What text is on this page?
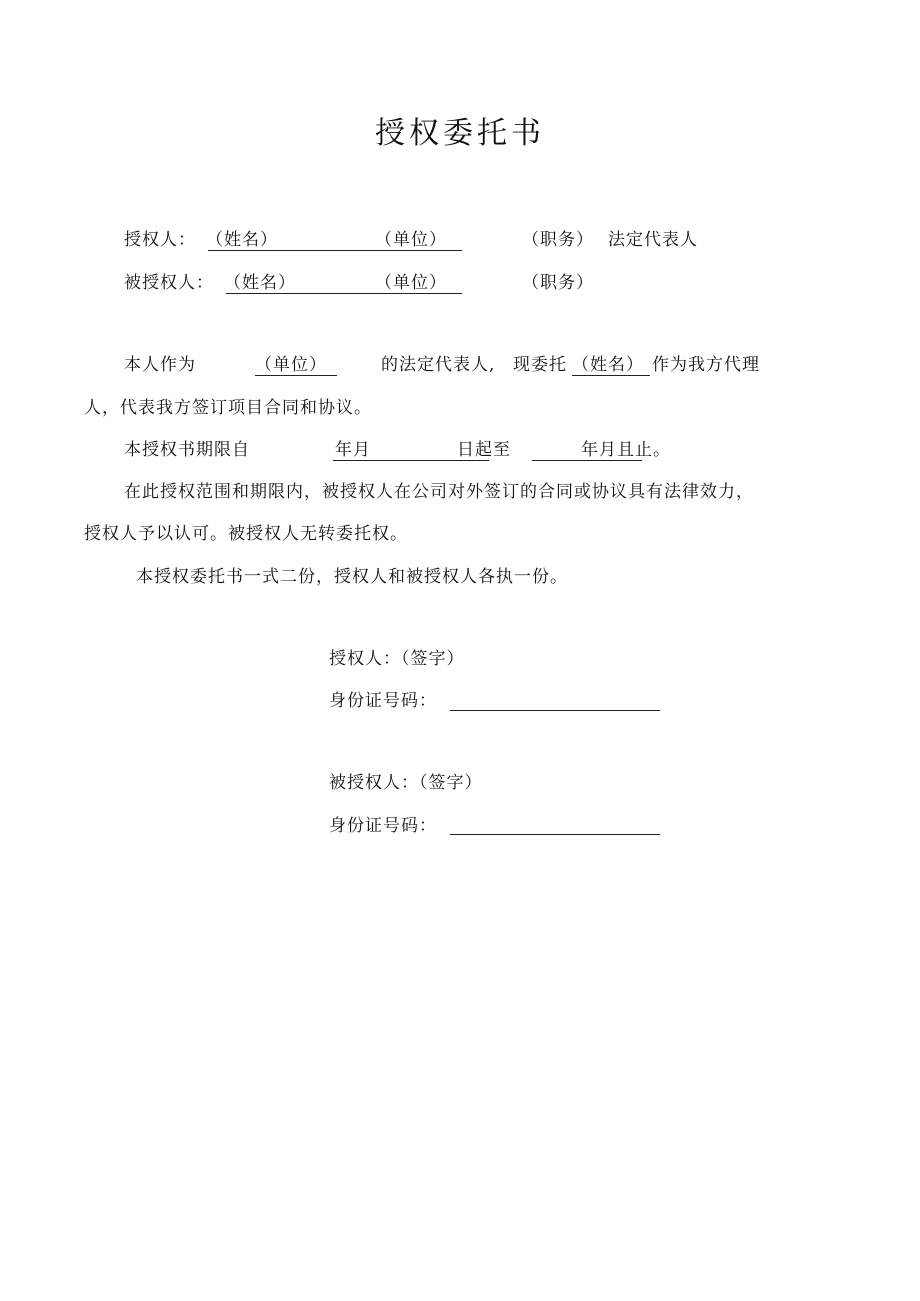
授权委托书
授权人： （姓名）	（单位）	（职务） 法定代表人
被授权人： （姓名）	（单位）	（职务）
本人作为	（单位）	的法定代表人, 现委托 （姓名） 作为我方代理
人，代表我方签订项目合同和协议。
本授权书期限自	年月	日起至	年月且止。
在此授权范围和期限内，被授权人在公司对外签订的合同或协议具有法律效力，
授权人予以认可。被授权人无转委托权。
本授权委托书一式二份，授权人和被授权人各执一份。
授权人：（签字）
身份证号码：
被授权人：（签字）
身份证号码：
